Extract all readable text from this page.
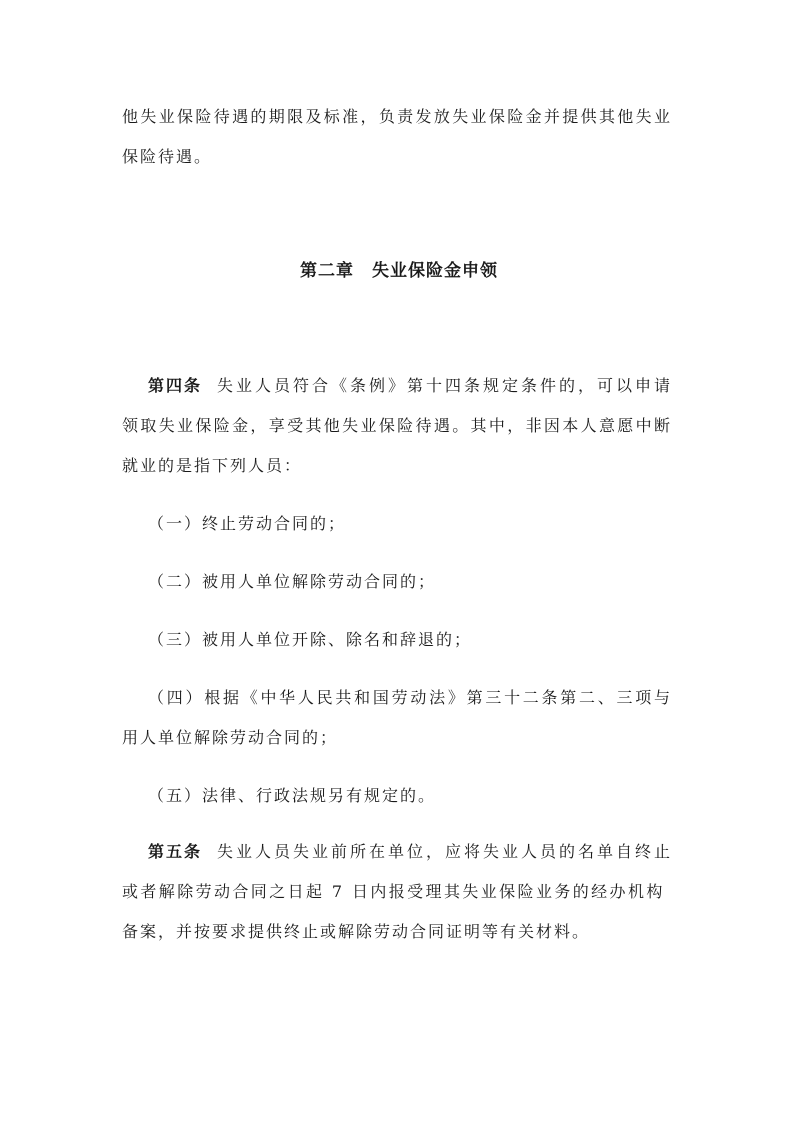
他失业保险待遇的期限及标准，负责发放失业保险金并提供其他失业
保险待遇。
第二章　失业保险金申领
第四条 失业人员符合《条例》第十四条规定条件的，可以申请
领取失业保险金，享受其他失业保险待遇。其中，非因本人意愿中断
就业的是指下列人员：
（一）终止劳动合同的；
（二）被用人单位解除劳动合同的；
（三）被用人单位开除、除名和辞退的；
（四）根据《中华人民共和国劳动法》第三十二条第二、三项与
用人单位解除劳动合同的；
（五）法律、行政法规另有规定的。
第五条 失业人员失业前所在单位，应将失业人员的名单自终止
或者解除劳动合同之日起 7 日内报受理其失业保险业务的经办机构
备案，并按要求提供终止或解除劳动合同证明等有关材料。
